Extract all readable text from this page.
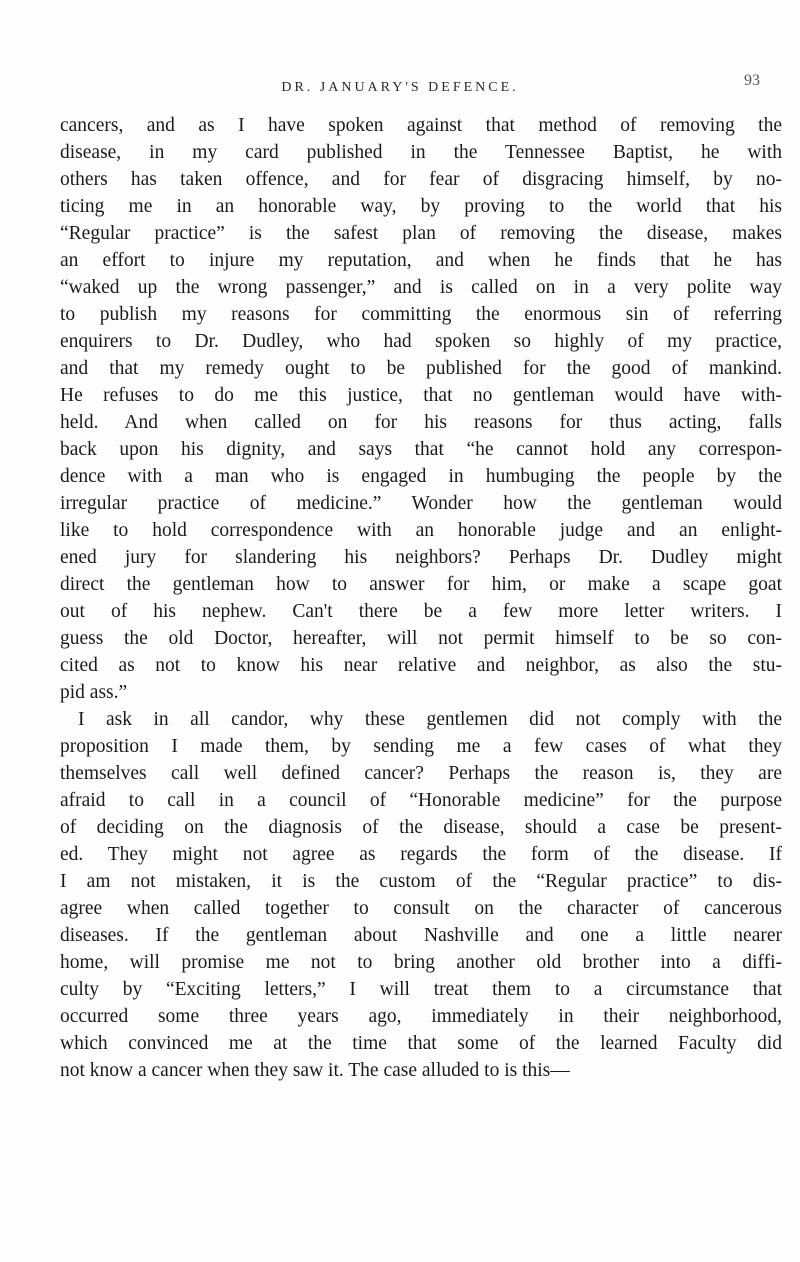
DR. JANUARY'S DEFENCE.	93
cancers, and as I have spoken against that method of removing the
disease, in my card published in the Tennessee Baptist, he with
others has taken offence, and for fear of disgracing himself, by no-
ticing me in an honorable way, by proving to the world that his
“Regular practice” is the safest plan of removing the disease, makes
an effort to injure my reputation, and when he finds that he has
“waked up the wrong passenger,” and is called on in a very polite way
to publish my reasons for committing the enormous sin of referring
enquirers to Dr. Dudley, who had spoken so highly of my practice,
and that my remedy ought to be published for the good of mankind.
He refuses to do me this justice, that no gentleman would have with-
held. And when called on for his reasons for thus acting, falls
back upon his dignity, and says that “he cannot hold any correspon-
dence with a man who is engaged in humbuging the people by the
irregular practice of medicine.” Wonder how the gentleman would
like to hold correspondence with an honorable judge and an enlight-
ened jury for slandering his neighbors? Perhaps Dr. Dudley might
direct the gentleman how to answer for him, or make a scape goat
out of his nephew. Can't there be a few more letter writers. I
guess the old Doctor, hereafter, will not permit himself to be so con-
cited as not to know his near relative and neighbor, as also the stu-
pid ass.”
I ask in all candor, why these gentlemen did not comply with the
proposition I made them, by sending me a few cases of what they
themselves call well defined cancer? Perhaps the reason is, they are
afraid to call in a council of “Honorable medicine” for the purpose
of deciding on the diagnosis of the disease, should a case be present-
ed. They might not agree as regards the form of the disease. If
I am not mistaken, it is the custom of the “Regular practice” to dis-
agree when called together to consult on the character of cancerous
diseases. If the gentleman about Nashville and one a little nearer
home, will promise me not to bring another old brother into a diffi-
culty by “Exciting letters,” I will treat them to a circumstance that
occurred some three years ago, immediately in their neighborhood,
which convinced me at the time that some of the learned Faculty did
not know a cancer when they saw it. The case alluded to is this—
